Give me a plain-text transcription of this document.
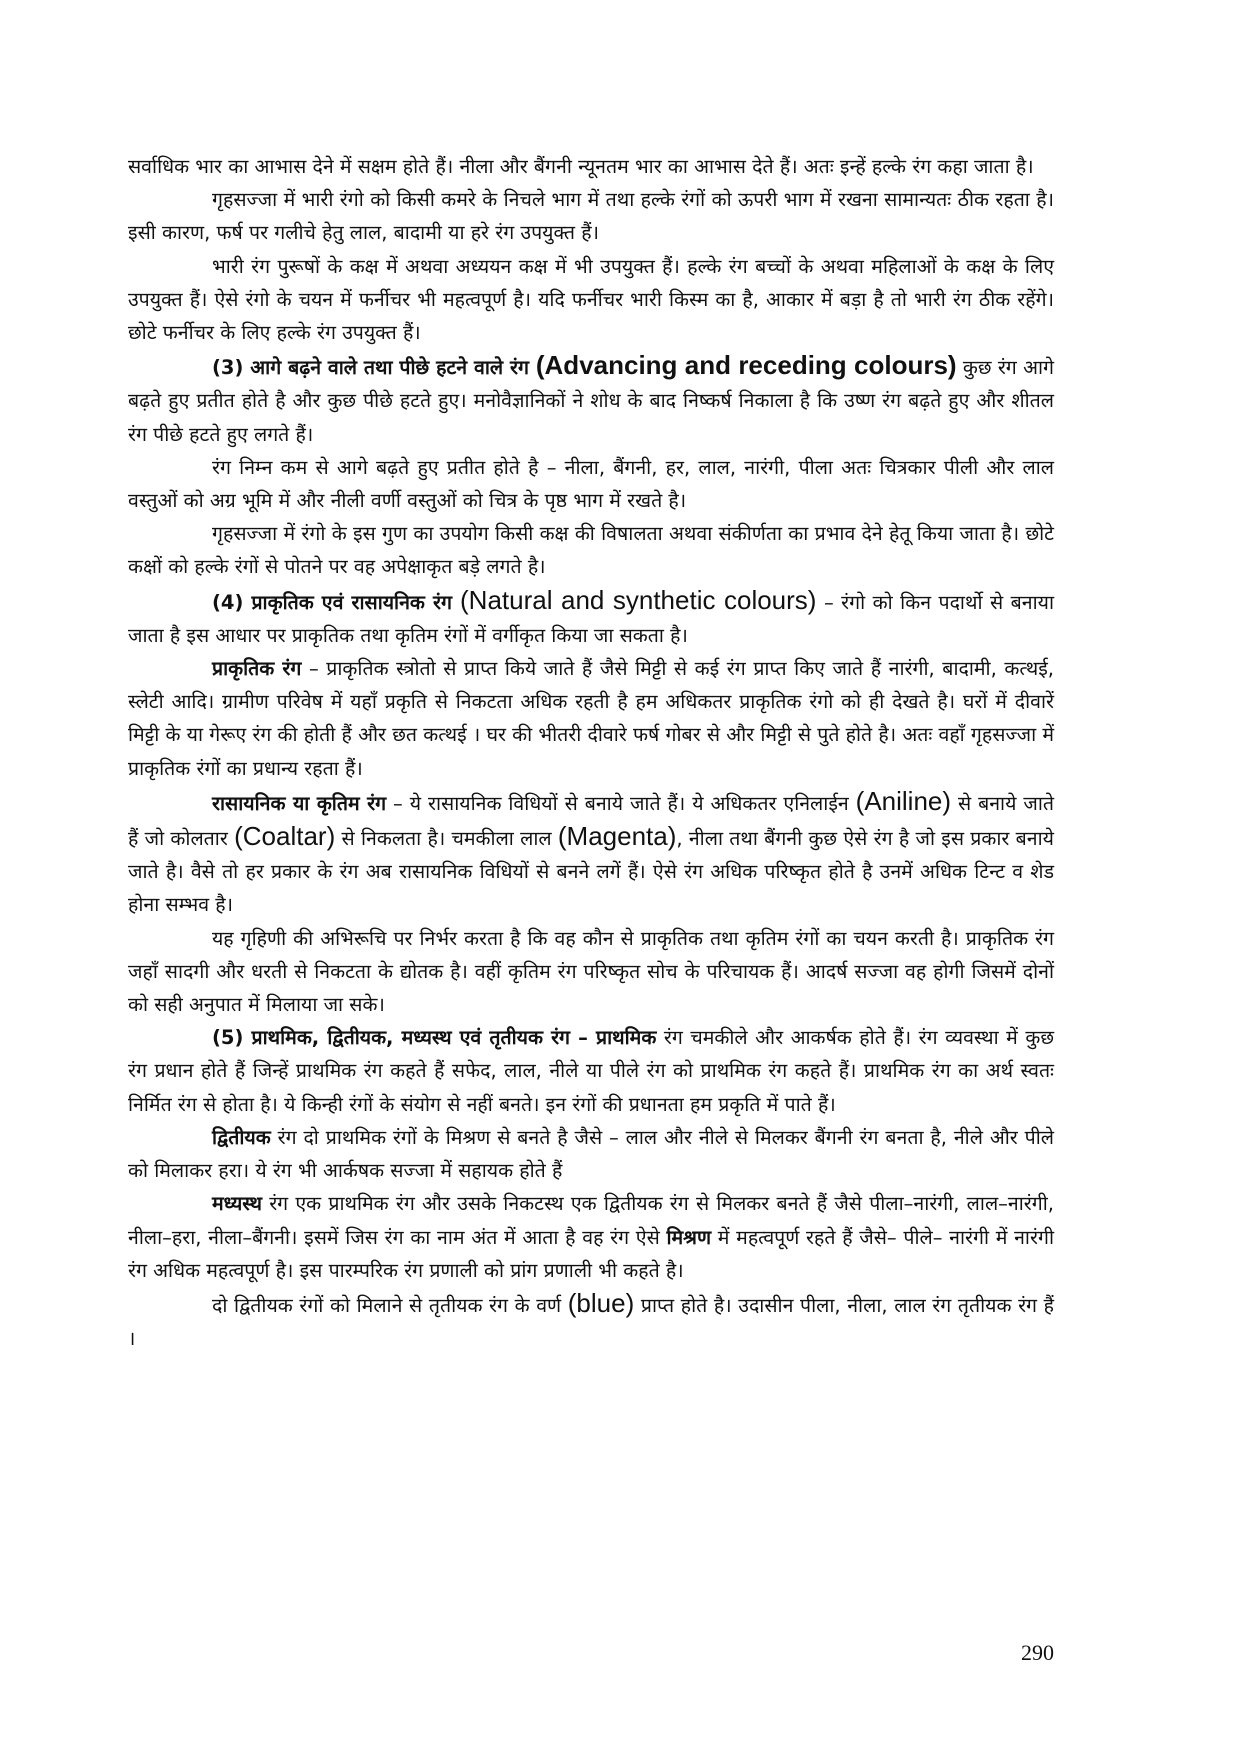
सर्वाधिक भार का आभास देने में सक्षम होते हैं। नीला और बैंगनी न्यूनतम भार का आभास देते हैं। अतः इन्हें हल्के रंग कहा जाता है।

गृहसज्जा में भारी रंगो को किसी कमरे के निचले भाग में तथा हल्के रंगों को ऊपरी भाग में रखना सामान्यतः ठीक रहता है। इसी कारण, फर्ष पर गलीचे हेतु लाल, बादामी या हरे रंग उपयुक्त हैं।

भारी रंग पुरूषों के कक्ष में अथवा अध्ययन कक्ष में भी उपयुक्त हैं। हल्के रंग बच्चों के अथवा महिलाओं के कक्ष के लिए उपयुक्त हैं। ऐसे रंगो के चयन में फर्नीचर भी महत्वपूर्ण है। यदि फर्नीचर भारी किस्म का है, आकार में बड़ा है तो भारी रंग ठीक रहेंगे। छोटे फर्नीचर के लिए हल्के रंग उपयुक्त हैं।

(3) आगे बढ़ने वाले तथा पीछे हटने वाले रंग (Advancing and receding colours) कुछ रंग आगे बढ़ते हुए प्रतीत होते है और कुछ पीछे हटते हुए। मनोवैज्ञानिकों ने शोध के बाद निष्कर्ष निकाला है कि उष्ण रंग बढ़ते हुए और शीतल रंग पीछे हटते हुए लगते हैं।

रंग निम्न कम से आगे बढ़ते हुए प्रतीत होते है – नीला, बैंगनी, हर, लाल, नारंगी, पीला अतः चित्रकार पीली और लाल वस्तुओं को अग्र भूमि में और नीली वर्णी वस्तुओं को चित्र के पृष्ठ भाग में रखते है।

गृहसज्जा में रंगो के इस गुण का उपयोग किसी कक्ष की विषालता अथवा संकीर्णता का प्रभाव देने हेतू किया जाता है। छोटे कक्षों को हल्के रंगों से पोतने पर वह अपेक्षाकृत बड़े लगते है।

(4) प्राकृतिक एवं रासायनिक रंग (Natural and synthetic colours) – रंगो को किन पदार्थो से बनाया जाता है इस आधार पर प्राकृतिक तथा कृतिम रंगों में वर्गीकृत किया जा सकता है।

प्राकृतिक रंग – प्राकृतिक स्त्रोतो से प्राप्त किये जाते हैं जैसे मिट्टी से कई रंग प्राप्त किए जाते हैं नारंगी, बादामी, कत्थई, स्लेटी आदि। ग्रामीण परिवेष में यहाँ प्रकृति से निकटता अधिक रहती है हम अधिकतर प्राकृतिक रंगो को ही देखते है। घरों में दीवारें मिट्टी के या गेरूए रंग की होती हैं और छत कत्थई । घर की भीतरी दीवारे फर्ष गोबर से और मिट्टी से पुते होते है। अतः वहाँ गृहसज्जा में प्राकृतिक रंगों का प्रधान्य रहता हैं।

रासायनिक या कृतिम रंग – ये रासायनिक विधियों से बनाये जाते हैं। ये अधिकतर एनिलाईन (Aniline) से बनाये जाते हैं जो कोलतार (Coaltar) से निकलता है। चमकीला लाल (Magenta), नीला तथा बैंगनी कुछ ऐसे रंग है जो इस प्रकार बनाये जाते है। वैसे तो हर प्रकार के रंग अब रासायनिक विधियों से बनने लगें हैं। ऐसे रंग अधिक परिष्कृत होते है उनमें अधिक टिन्ट व शेड होना सम्भव है।

यह गृहिणी की अभिरूचि पर निर्भर करता है कि वह कौन से प्राकृतिक तथा कृतिम रंगों का चयन करती है। प्राकृतिक रंग जहाँ सादगी और धरती से निकटता के द्योतक है। वहीं कृतिम रंग परिष्कृत सोच के परिचायक हैं। आदर्ष सज्जा वह होगी जिसमें दोनों को सही अनुपात में मिलाया जा सके।

(5) प्राथमिक, द्वितीयक, मध्यस्थ एवं तृतीयक रंग – प्राथमिक रंग चमकीले और आकर्षक होते हैं। रंग व्यवस्था में कुछ रंग प्रधान होते हैं जिन्हें प्राथमिक रंग कहते हैं सफेद, लाल, नीले या पीले रंग को प्राथमिक रंग कहते हैं। प्राथमिक रंग का अर्थ स्वतः निर्मित रंग से होता है। ये किन्ही रंगों के संयोग से नहीं बनते। इन रंगों की प्रधानता हम प्रकृति में पाते हैं।

द्वितीयक रंग दो प्राथमिक रंगों के मिश्रण से बनते है जैसे – लाल और नीले से मिलकर बैंगनी रंग बनता है, नीले और पीले को मिलाकर हरा। ये रंग भी आर्कषक सज्जा में सहायक होते हैं

मध्यस्थ रंग एक प्राथमिक रंग और उसके निकटस्थ एक द्वितीयक रंग से मिलकर बनते हैं जैसे पीला–नारंगी, लाल–नारंगी, नीला–हरा, नीला–बैंगनी। इसमें जिस रंग का नाम अंत में आता है वह रंग ऐसे मिश्रण में महत्वपूर्ण रहते हैं जैसे– पीले– नारंगी में नारंगी रंग अधिक महत्वपूर्ण है। इस पारम्परिक रंग प्रणाली को प्रांग प्रणाली भी कहते है।

दो द्वितीयक रंगों को मिलाने से तृतीयक रंग के वर्ण (blue) प्राप्त होते है। उदासीन पीला, नीला, लाल रंग तृतीयक रंग हैं ।

290
